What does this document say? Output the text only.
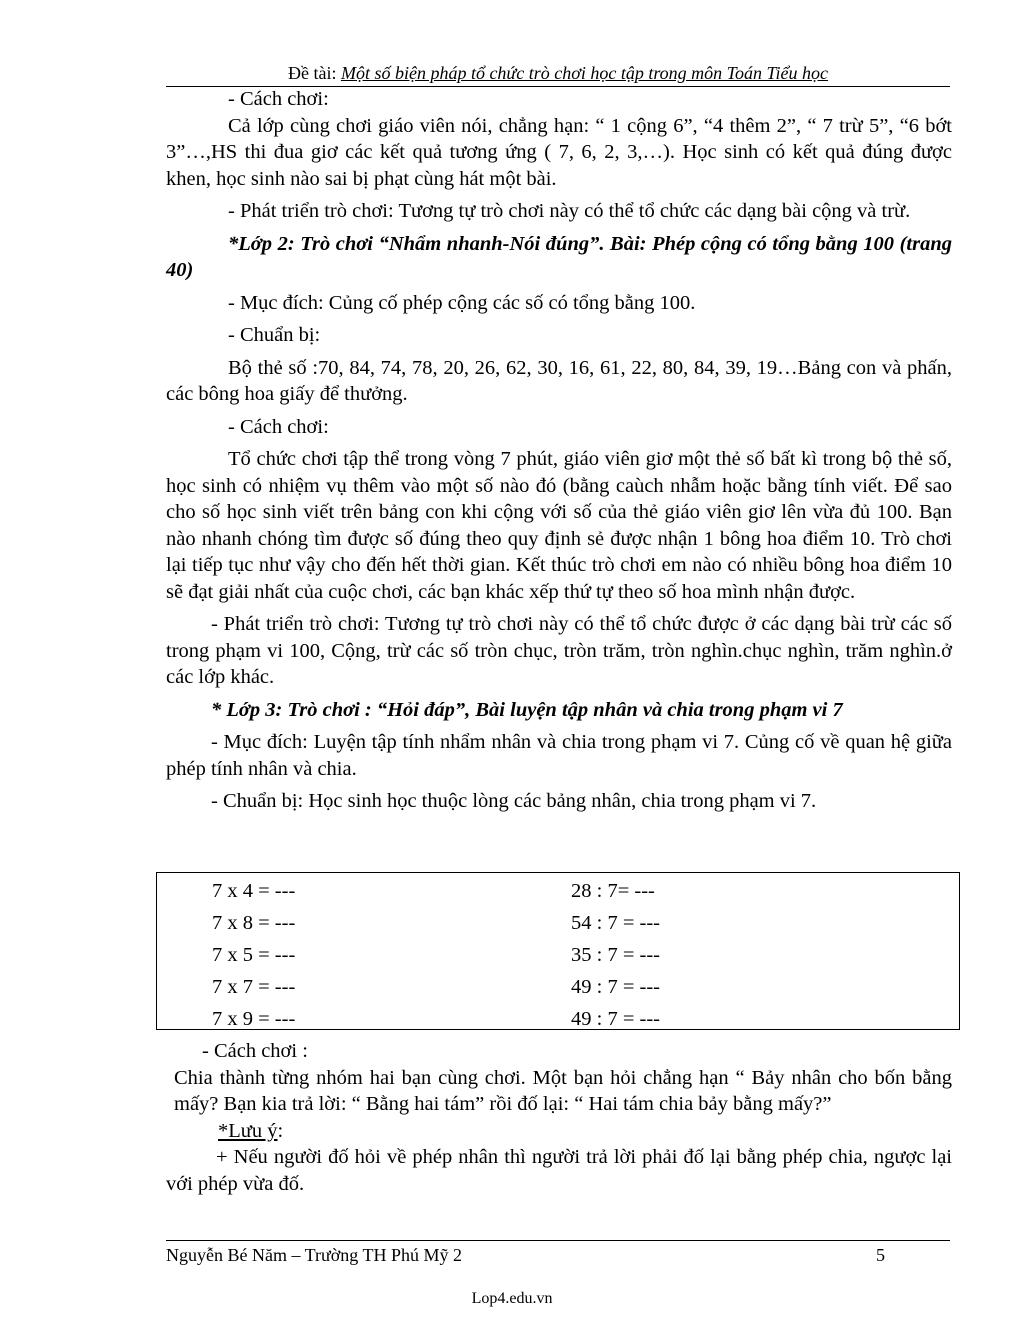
Đề tài: Một số biện pháp tổ chức trò chơi học tập trong môn Toán Tiểu học

- Cách chơi:

Cả lớp cùng chơi giáo viên nói, chẳng hạn: “ 1 cộng 6”, “4 thêm 2”, “ 7 trừ 5”, “6 bớt 3”…,HS thi đua giơ các kết quả tương ứng ( 7, 6, 2, 3,…). Học sinh có kết quả đúng được khen, học sinh nào sai bị phạt cùng hát một bài.

- Phát triển trò chơi: Tương tự trò chơi này có thể tổ chức các dạng bài cộng và trừ.

*Lớp 2: Trò chơi “Nhẩm nhanh-Nói đúng”. Bài: Phép cộng có tổng bằng 100 (trang 40)

- Mục đích: Củng cố phép cộng các số có tổng bằng 100.

- Chuẩn bị:

Bộ thẻ số :70, 84, 74, 78, 20, 26, 62, 30, 16, 61, 22, 80, 84, 39, 19…Bảng con và phấn, các bông hoa giấy để thưởng.

- Cách chơi:

Tổ chức chơi tập thể trong vòng 7 phút, giáo viên giơ một thẻ số bất kì trong bộ thẻ số, học sinh có nhiệm vụ thêm vào một số nào đó (bằng caùch nhẫm hoặc bằng tính viết. Để sao cho số học sinh viết trên bảng con khi cộng với số của thẻ giáo viên giơ lên vừa đủ 100. Bạn nào nhanh chóng tìm được số đúng theo quy định sẻ được nhận 1 bông hoa điểm 10. Trò chơi lại tiếp tục như vậy cho đến hết thời gian. Kết thúc trò chơi em nào có nhiều bông hoa điểm 10 sẽ đạt giải nhất của cuộc chơi, các bạn khác xếp thứ tự theo số hoa mình nhận được.

- Phát triển trò chơi: Tương tự trò chơi này có thể tổ chức được ở các dạng bài trừ các số trong phạm vi 100, Cộng, trừ các số tròn chục, tròn trăm, tròn nghìn.chục nghìn, trăm nghìn.ở các lớp khác.

* Lớp 3: Trò chơi : “Hỏi đáp”, Bài luyện tập nhân và chia trong phạm vi 7

- Mục đích: Luyện tập tính nhẩm nhân và chia trong phạm vi 7. Củng cố về quan hệ giữa phép tính nhân và chia.

- Chuẩn bị: Học sinh học thuộc lòng các bảng nhân, chia trong phạm vi 7.

7 x 4 = ---	28 : 7= ---
7 x 8 = ---	54 : 7 = ---
7 x 5 = ---	35 : 7 = ---
7 x 7 = ---	49 : 7 = ---
7 x 9 = ---	49 : 7 = ---

- Cách chơi :

Chia thành từng nhóm hai bạn cùng chơi. Một bạn hỏi chẳng hạn “ Bảy nhân cho bốn bằng mấy? Bạn kia trả lời: “ Bằng hai tám” rồi đố lại: “ Hai tám chia bảy bằng mấy?”

*Lưu ý:

+ Nếu người đố hỏi về phép nhân thì người trả lời phải đố lại bằng phép chia, ngược lại với phép vừa đố.

Nguyễn Bé Năm – Trường TH Phú Mỹ 2	5
Lop4.edu.vn
